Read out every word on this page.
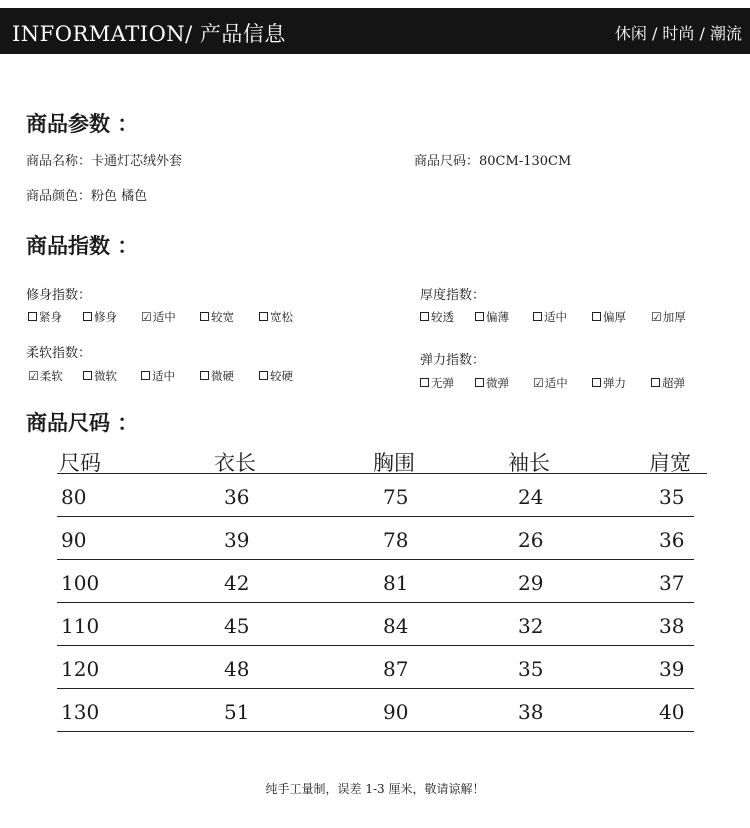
INFORMATION/ 产品信息	休闲 / 时尚 / 潮流
商品参数 ：
商品名称：卡通灯芯绒外套	商品尺码：80CM-130CM
商品颜色：粉色 橘色
商品指数 ：
修身指数：
紧身	修身 ☑适中	较宽	宽松
柔软指数：
☑柔软	微软	适中	微硬	较硬
厚度指数：
较透	偏薄	适中	偏厚 ☑加厚
弹力指数：
无弹	微弹 ☑适中	弹力	超弹
商品尺码 ：
尺码	衣长	胸围	袖长	肩宽
80	36	75	24	35
90	39	78	26	36
100	42	81	29	37
110	45	84	32	38
120	48	87	35	39
130	51	90	38	40
纯手工量制，误差 1-3 厘米，敬请谅解！
